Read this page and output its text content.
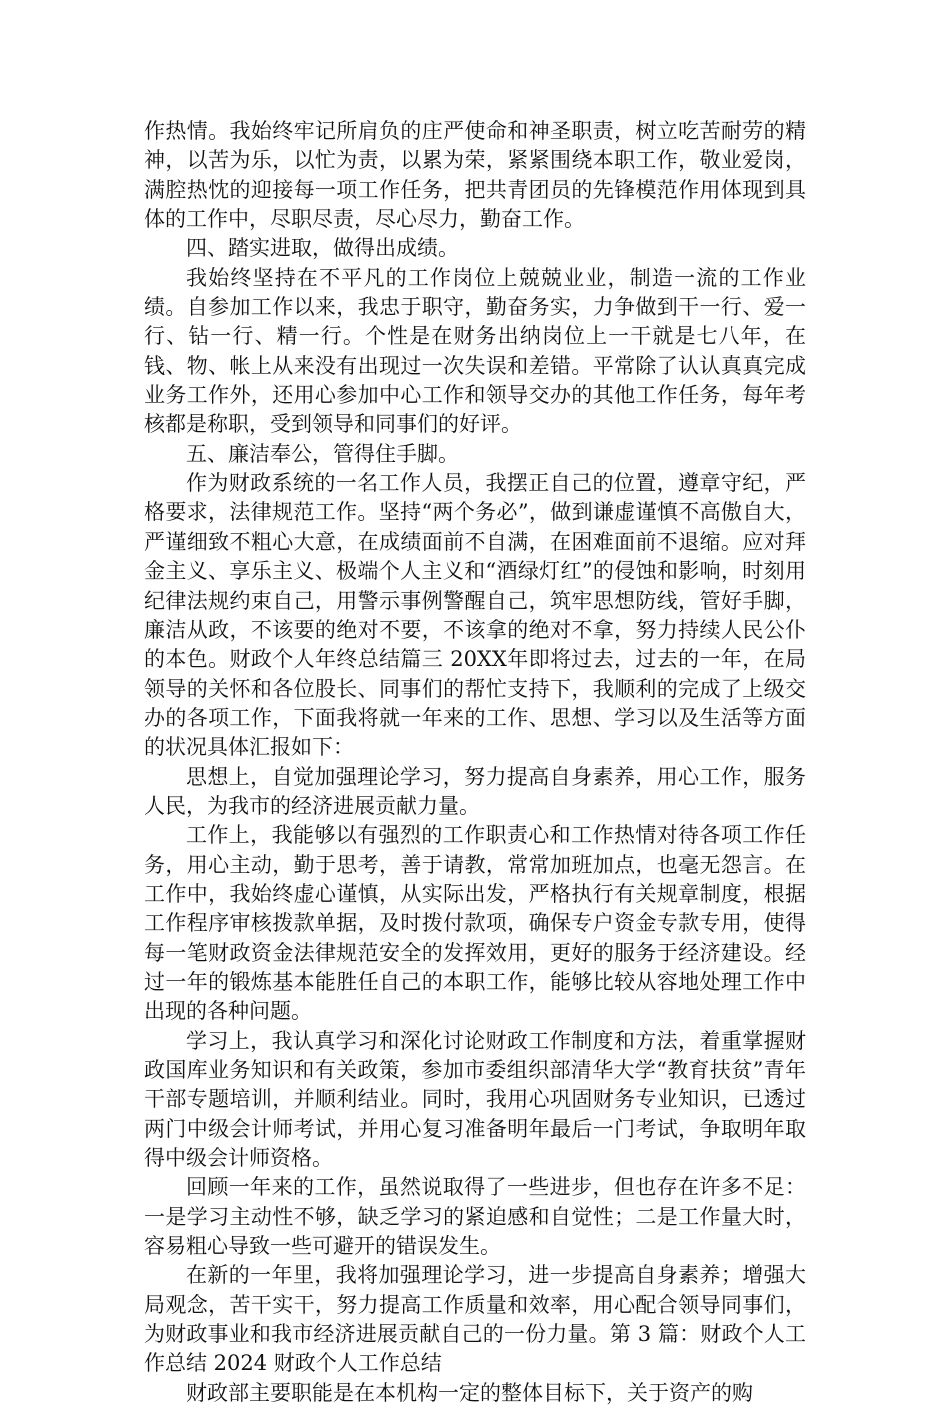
作热情。我始终牢记所肩负的庄严使命和神圣职责，树立吃苦耐劳的精神，以苦为乐，以忙为责，以累为荣，紧紧围绕本职工作，敬业爱岗，满腔热忱的迎接每一项工作任务，把共青团员的先锋模范作用体现到具体的工作中，尽职尽责，尽心尽力，勤奋工作。

四、踏实进取，做得出成绩。

我始终坚持在不平凡的工作岗位上兢兢业业，制造一流的工作业绩。自参加工作以来，我忠于职守，勤奋务实，力争做到干一行、爱一行、钻一行、精一行。个性是在财务出纳岗位上一干就是七八年，在钱、物、帐上从来没有出现过一次失误和差错。平常除了认认真真完成业务工作外，还用心参加中心工作和领导交办的其他工作任务，每年考核都是称职，受到领导和同事们的好评。

五、廉洁奉公，管得住手脚。

作为财政系统的一名工作人员，我摆正自己的位置，遵章守纪，严格要求，法律规范工作。坚持“两个务必”，做到谦虚谨慎不高傲自大，严谨细致不粗心大意，在成绩面前不自满，在困难面前不退缩。应对拜金主义、享乐主义、极端个人主义和“酒绿灯红”的侵蚀和影响，时刻用纪律法规约束自己，用警示事例警醒自己，筑牢思想防线，管好手脚，廉洁从政，不该要的绝对不要，不该拿的绝对不拿，努力持续人民公仆的本色。财政个人年终总结篇三 20XX年即将过去，过去的一年，在局领导的关怀和各位股长、同事们的帮忙支持下，我顺利的完成了上级交办的各项工作，下面我将就一年来的工作、思想、学习以及生活等方面的状况具体汇报如下：

思想上，自觉加强理论学习，努力提高自身素养，用心工作，服务人民，为我市的经济进展贡献力量。

工作上，我能够以有强烈的工作职责心和工作热情对待各项工作任务，用心主动，勤于思考，善于请教，常常加班加点，也毫无怨言。在工作中，我始终虚心谨慎，从实际出发，严格执行有关规章制度，根据工作程序审核拨款单据，及时拨付款项，确保专户资金专款专用，使得每一笔财政资金法律规范安全的发挥效用，更好的服务于经济建设。经过一年的锻炼基本能胜任自己的本职工作，能够比较从容地处理工作中出现的各种问题。

学习上，我认真学习和深化讨论财政工作制度和方法，着重掌握财政国库业务知识和有关政策，参加市委组织部清华大学“教育扶贫”青年干部专题培训，并顺利结业。同时，我用心巩固财务专业知识，已透过两门中级会计师考试，并用心复习准备明年最后一门考试，争取明年取得中级会计师资格。

回顾一年来的工作，虽然说取得了一些进步，但也存在许多不足：一是学习主动性不够，缺乏学习的紧迫感和自觉性；二是工作量大时，容易粗心导致一些可避开的错误发生。

在新的一年里，我将加强理论学习，进一步提高自身素养；增强大局观念，苦干实干，努力提高工作质量和效率，用心配合领导同事们，为财政事业和我市经济进展贡献自己的一份力量。第 3 篇：财政个人工作总结 2024 财政个人工作总结

财政部主要职能是在本机构一定的整体目标下，关于资产的购
